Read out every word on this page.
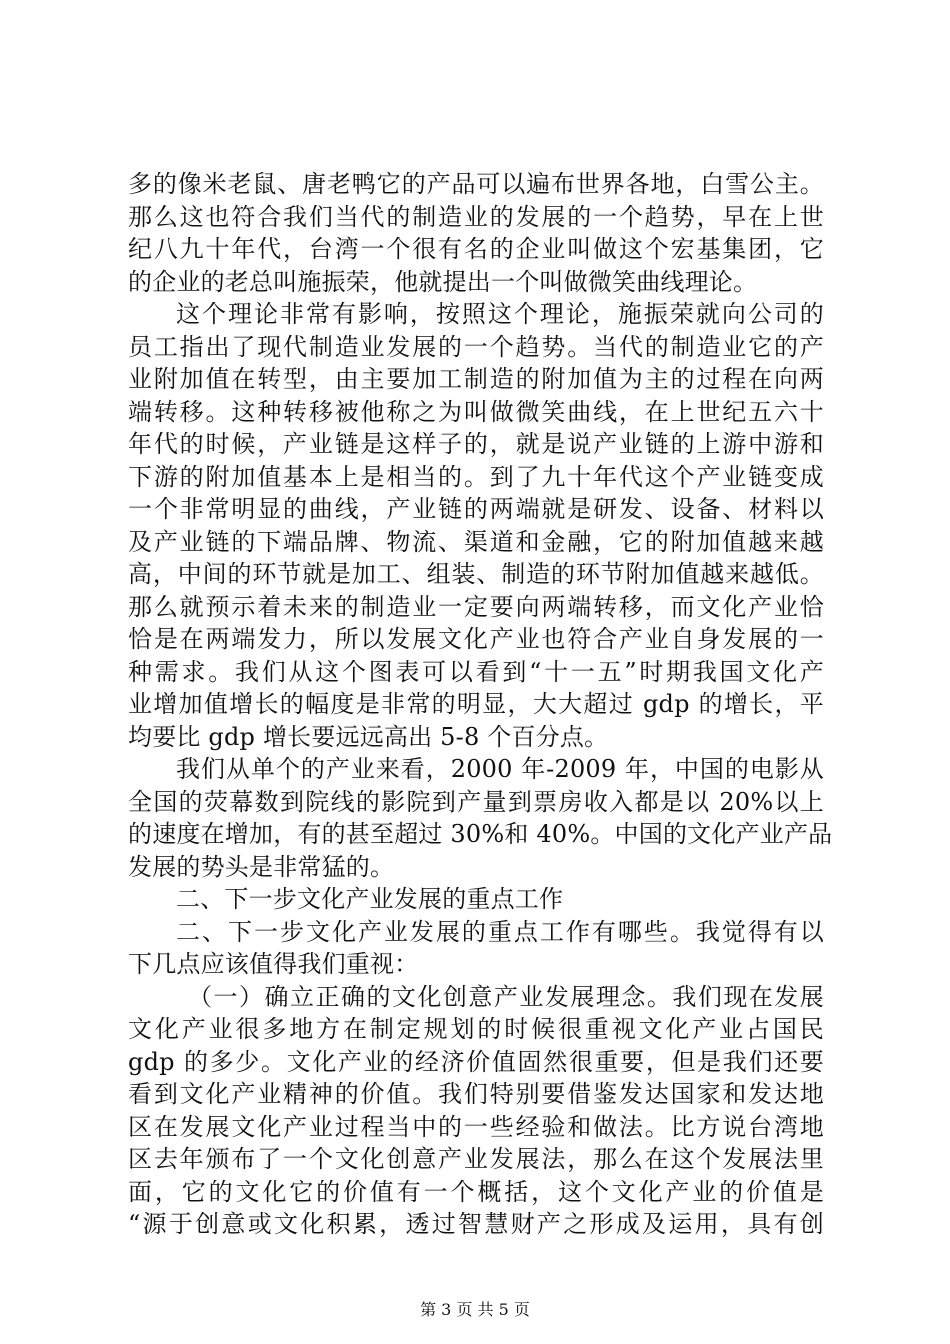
多的像米老鼠、唐老鸭它的产品可以遍布世界各地，白雪公主。
那么这也符合我们当代的制造业的发展的一个趋势，早在上世
纪八九十年代，台湾一个很有名的企业叫做这个宏基集团，它
的企业的老总叫施振荣，他就提出一个叫做微笑曲线理论。
这个理论非常有影响，按照这个理论，施振荣就向公司的
员工指出了现代制造业发展的一个趋势。当代的制造业它的产
业附加值在转型，由主要加工制造的附加值为主的过程在向两
端转移。这种转移被他称之为叫做微笑曲线，在上世纪五六十
年代的时候，产业链是这样子的，就是说产业链的上游中游和
下游的附加值基本上是相当的。到了九十年代这个产业链变成
一个非常明显的曲线，产业链的两端就是研发、设备、材料以
及产业链的下端品牌、物流、渠道和金融，它的附加值越来越
高，中间的环节就是加工、组装、制造的环节附加值越来越低。
那么就预示着未来的制造业一定要向两端转移，而文化产业恰
恰是在两端发力，所以发展文化产业也符合产业自身发展的一
种需求。我们从这个图表可以看到“十一五”时期我国文化产
业增加值增长的幅度是非常的明显，大大超过 gdp 的增长，平
均要比 gdp 增长要远远高出 5-8 个百分点。
我们从单个的产业来看，2000 年-2009 年，中国的电影从
全国的荧幕数到院线的影院到产量到票房收入都是以 20%以上
的速度在增加，有的甚至超过 30%和 40%。中国的文化产业产品
发展的势头是非常猛的。
二、下一步文化产业发展的重点工作
二、下一步文化产业发展的重点工作有哪些。我觉得有以
下几点应该值得我们重视：
（一）确立正确的文化创意产业发展理念。我们现在发展
文化产业很多地方在制定规划的时候很重视文化产业占国民
gdp 的多少。文化产业的经济价值固然很重要，但是我们还要
看到文化产业精神的价值。我们特别要借鉴发达国家和发达地
区在发展文化产业过程当中的一些经验和做法。比方说台湾地
区去年颁布了一个文化创意产业发展法，那么在这个发展法里
面，它的文化它的价值有一个概括，这个文化产业的价值是
“源于创意或文化积累，透过智慧财产之形成及运用，具有创
第 3 页 共 5 页
